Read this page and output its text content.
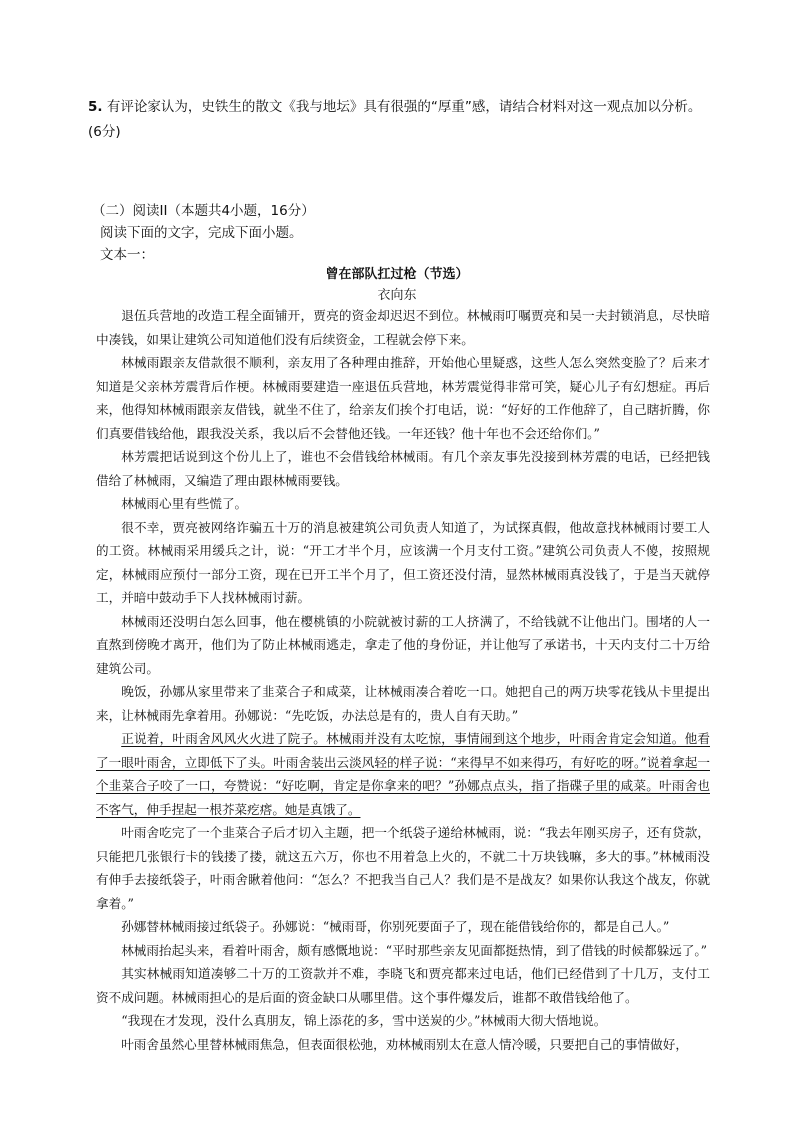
5. 有评论家认为，史铁生的散文《我与地坛》具有很强的“厚重”感，请结合材料对这一观点加以分析。(6分)
（二）阅读II（本题共4小题，16分）
阅读下面的文字，完成下面小题。
文本一：
曾在部队扛过枪（节选）
衣向东

退伍兵营地的改造工程全面铺开，贾亮的资金却迟迟不到位。林械雨叮嘱贾亮和吴一夫封锁消息，尽快暗中凑钱，如果让建筑公司知道他们没有后续资金，工程就会停下来。

林械雨跟亲友借款很不顺利，亲友用了各种理由推辞，开始他心里疑惑，这些人怎么突然变脸了？后来才知道是父亲林芳震背后作梗。林械雨要建造一座退伍兵营地，林芳震觉得非常可笑，疑心儿子有幻想症。再后来，他得知林械雨跟亲友借钱，就坐不住了，给亲友们挨个打电话，说：“好好的工作他辞了，自己瞎折腾，你们真要借钱给他，跟我没关系，我以后不会替他还钱。一年还钱？他十年也不会还给你们。”

林芳震把话说到这个份儿上了，谁也不会借钱给林械雨。有几个亲友事先没接到林芳震的电话，已经把钱借给了林械雨，又编造了理由跟林械雨要钱。

林械雨心里有些慌了。

很不幸，贾亮被网络诈骗五十万的消息被建筑公司负责人知道了，为试探真假，他故意找林械雨讨要工人的工资。林械雨采用缓兵之计，说：“开工才半个月，应该满一个月支付工资。”建筑公司负责人不傻，按照规定，林械雨应预付一部分工资，现在已开工半个月了，但工资还没付清，显然林械雨真没钱了，于是当天就停工，并暗中鼓动手下人找林械雨讨薪。

林械雨还没明白怎么回事，他在樱桃镇的小院就被讨薪的工人挤满了，不给钱就不让他出门。围堵的人一直熬到傍晚才离开，他们为了防止林械雨逃走，拿走了他的身份证，并让他写了承诺书，十天内支付二十万给建筑公司。

晚饭，孙娜从家里带来了韭菜合子和咸菜，让林械雨凑合着吃一口。她把自己的两万块零花钱从卡里提出来，让林械雨先拿着用。孙娜说：“先吃饭，办法总是有的，贵人自有天助。”

正说着，叶雨舍风风火火进了院子。林械雨并没有太吃惊，事情闹到这个地步，叶雨舍肯定会知道。他看了一眼叶雨舍，立即低下了头。叶雨舍装出云淡风轻的样子说：“来得早不如来得巧，有好吃的呀。”说着拿起一个韭菜合子咬了一口，夸赞说：“好吃啊，肯定是你拿来的吧？”孙娜点点头，指了指碟子里的咸菜。叶雨舍也不客气，伸手捏起一根芥菜疙瘩。她是真饿了。

叶雨舍吃完了一个韭菜合子后才切入主题，把一个纸袋子递给林械雨，说：“我去年刚买房子，还有贷款，只能把几张银行卡的钱搂了搂，就这五六万，你也不用着急上火的，不就二十万块钱嘛，多大的事。”林械雨没有伸手去接纸袋子，叶雨舍瞅着他问：“怎么？不把我当自己人？我们是不是战友？如果你认我这个战友，你就拿着。”

孙娜替林械雨接过纸袋子。孙娜说：“械雨哥，你别死要面子了，现在能借钱给你的，都是自己人。”

林械雨抬起头来，看着叶雨舍，颇有感慨地说：“平时那些亲友见面都挺热情，到了借钱的时候都躲远了。”

其实林械雨知道凑够二十万的工资款并不难，李晓飞和贾亮都来过电话，他们已经借到了十几万，支付工资不成问题。林械雨担心的是后面的资金缺口从哪里借。这个事件爆发后，谁都不敢借钱给他了。

“我现在才发现，没什么真朋友，锦上添花的多，雪中送炭的少。”林械雨大彻大悟地说。

叶雨舍虽然心里替林械雨焦急，但表面很松弛，劝林械雨别太在意人情冷暖，只要把自己的事情做好，
